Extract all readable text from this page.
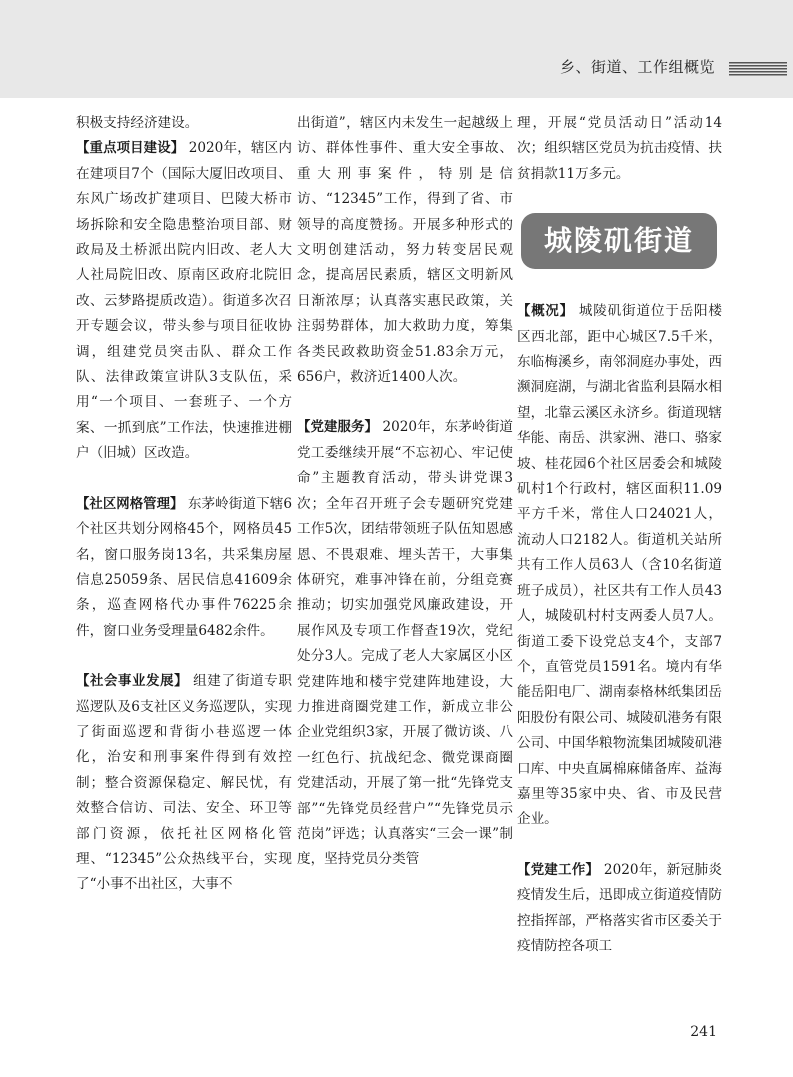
乡、街道、工作组概览

积极支持经济建设。

【重点项目建设】 2020年，辖区内在建项目7个（国际大厦旧改项目、东风广场改扩建项目、巴陵大桥市场拆除和安全隐患整治项目部、财政局及土桥派出院内旧改、老人大人社局院旧改、原南区政府北院旧改、云梦路提质改造）。街道多次召开专题会议，带头参与项目征收协调，组建党员突击队、群众工作队、法律政策宣讲队3支队伍，采用“一个项目、一套班子、一个方案、一抓到底”工作法，快速推进棚户（旧城）区改造。

【社区网格管理】 东茅岭街道下辖6个社区共划分网格45个，网格员45名，窗口服务岗13名，共采集房屋信息25059条、居民信息41609余条，巡查网格代办事件76225余件，窗口业务受理量6482余件。

【社会事业发展】 组建了街道专职巡逻队及6支社区义务巡逻队，实现了街面巡逻和背街小巷巡逻一体化，治安和刑事案件得到有效控制；整合资源保稳定、解民忧，有效整合信访、司法、安全、环卫等部门资源，依托社区网格化管理、“12345”公众热线平台，实现了“小事不出社区，大事不

出街道”，辖区内未发生一起越级上访、群体性事件、重大安全事故、重大刑事案件，特别是信访、“12345”工作，得到了省、市领导的高度赞扬。开展多种形式的文明创建活动，努力转变居民观念，提高居民素质，辖区文明新风日渐浓厚；认真落实惠民政策，关注弱势群体，加大救助力度，筹集各类民政救助资金51.83余万元，656户，救济近1400人次。

【党建服务】 2020年，东茅岭街道党工委继续开展“不忘初心、牢记使命”主题教育活动，带头讲党课3次；全年召开班子会专题研究党建工作5次，团结带领班子队伍知恩感恩、不畏艰难、埋头苦干，大事集体研究，难事冲锋在前，分组竞赛推动；切实加强党风廉政建设，开展作风及专项工作督查19次，党纪处分3人。完成了老人大家属区小区党建阵地和楼宇党建阵地建设，大力推进商圈党建工作，新成立非公企业党组织3家，开展了微访谈、八一红色行、抗战纪念、微党课商圈党建活动，开展了第一批“先锋党支部”“先锋党员经营户”“先锋党员示范岗”评选；认真落实“三会一课”制度，坚持党员分类管

理，开展“党员活动日”活动14次；组织辖区党员为抗击疫情、扶贫捐款11万多元。

城陵矶街道

【概况】 城陵矶街道位于岳阳楼区西北部，距中心城区7.5千米，东临梅溪乡，南邻洞庭办事处，西濒洞庭湖，与湖北省监利县隔水相望，北靠云溪区永济乡。街道现辖华能、南岳、洪家洲、港口、骆家坡、桂花园6个社区居委会和城陵矶村1个行政村，辖区面积11.09平方千米，常住人口24021人，流动人口2182人。街道机关站所共有工作人员63人（含10名街道班子成员），社区共有工作人员43人，城陵矶村村支两委人员7人。街道工委下设党总支4个，支部7个，直管党员1591名。境内有华能岳阳电厂、湖南泰格林纸集团岳阳股份有限公司、城陵矶港务有限公司、中国华粮物流集团城陵矶港口库、中央直属棉麻储备库、益海嘉里等35家中央、省、市及民营企业。

【党建工作】 2020年，新冠肺炎疫情发生后，迅即成立街道疫情防控指挥部，严格落实省市区委关于疫情防控各项工

241
